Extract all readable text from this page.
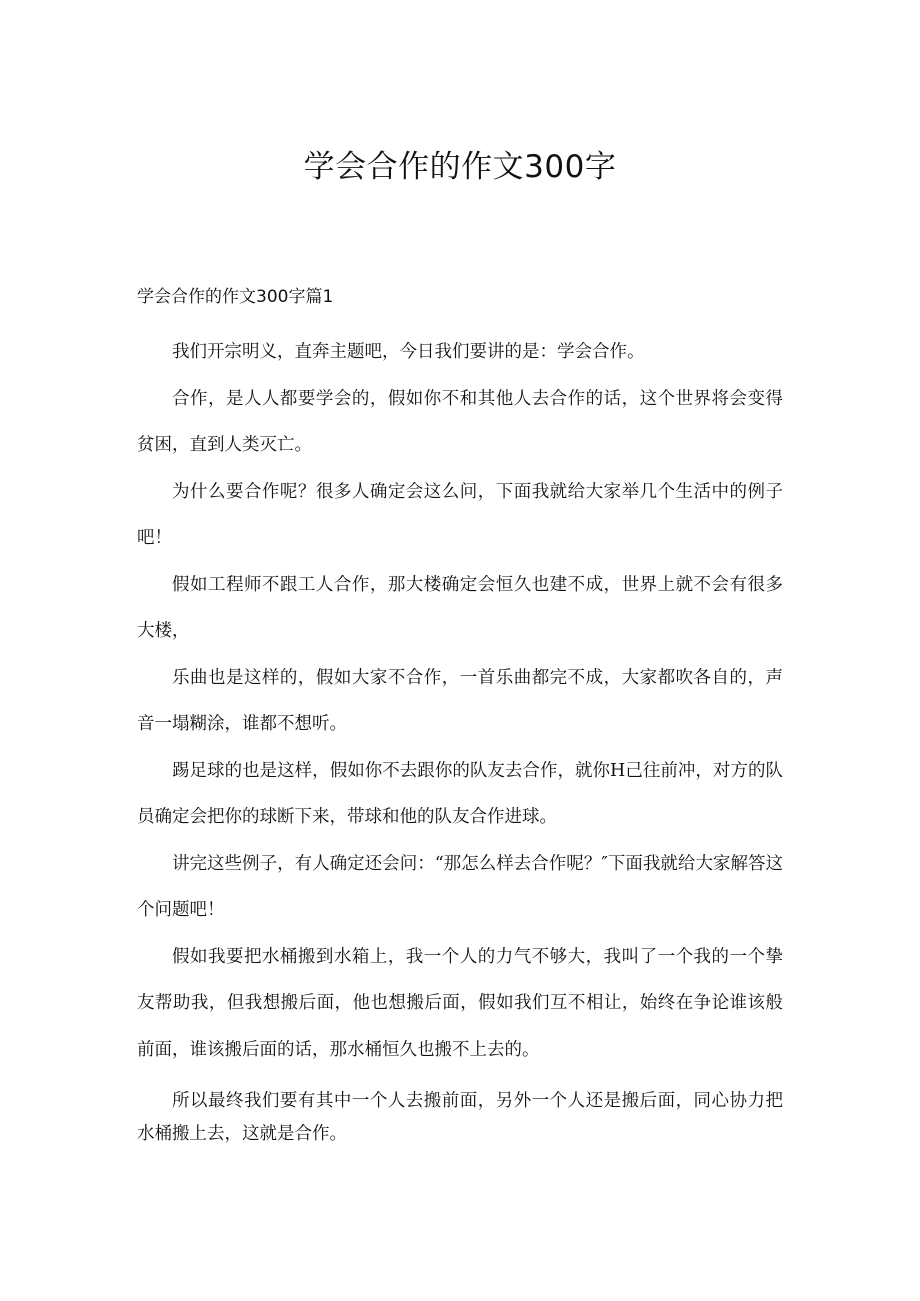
学会合作的作文300字
学会合作的作文300字篇1

我们开宗明义，直奔主题吧，今日我们要讲的是：学会合作。

合作，是人人都要学会的，假如你不和其他人去合作的话，这个世界将会变得贫困，直到人类灭亡。

为什么要合作呢？很多人确定会这么问，下面我就给大家举几个生活中的例子吧！

假如工程师不跟工人合作，那大楼确定会恒久也建不成，世界上就不会有很多大楼，

乐曲也是这样的，假如大家不合作，一首乐曲都完不成，大家都吹各自的，声音一塌糊涂，谁都不想听。

踢足球的也是这样，假如你不去跟你的队友去合作，就你H己往前冲，对方的队员确定会把你的球断下来，带球和他的队友合作进球。

讲完这些例子，有人确定还会问：“那怎么样去合作呢？″下面我就给大家解答这个问题吧！

假如我要把水桶搬到水箱上，我一个人的力气不够大，我叫了一个我的一个挚友帮助我，但我想搬后面，他也想搬后面，假如我们互不相让，始终在争论谁该般前面，谁该搬后面的话，那水桶恒久也搬不上去的。

所以最终我们要有其中一个人去搬前面，另外一个人还是搬后面，同心协力把水桶搬上去，这就是合作。
